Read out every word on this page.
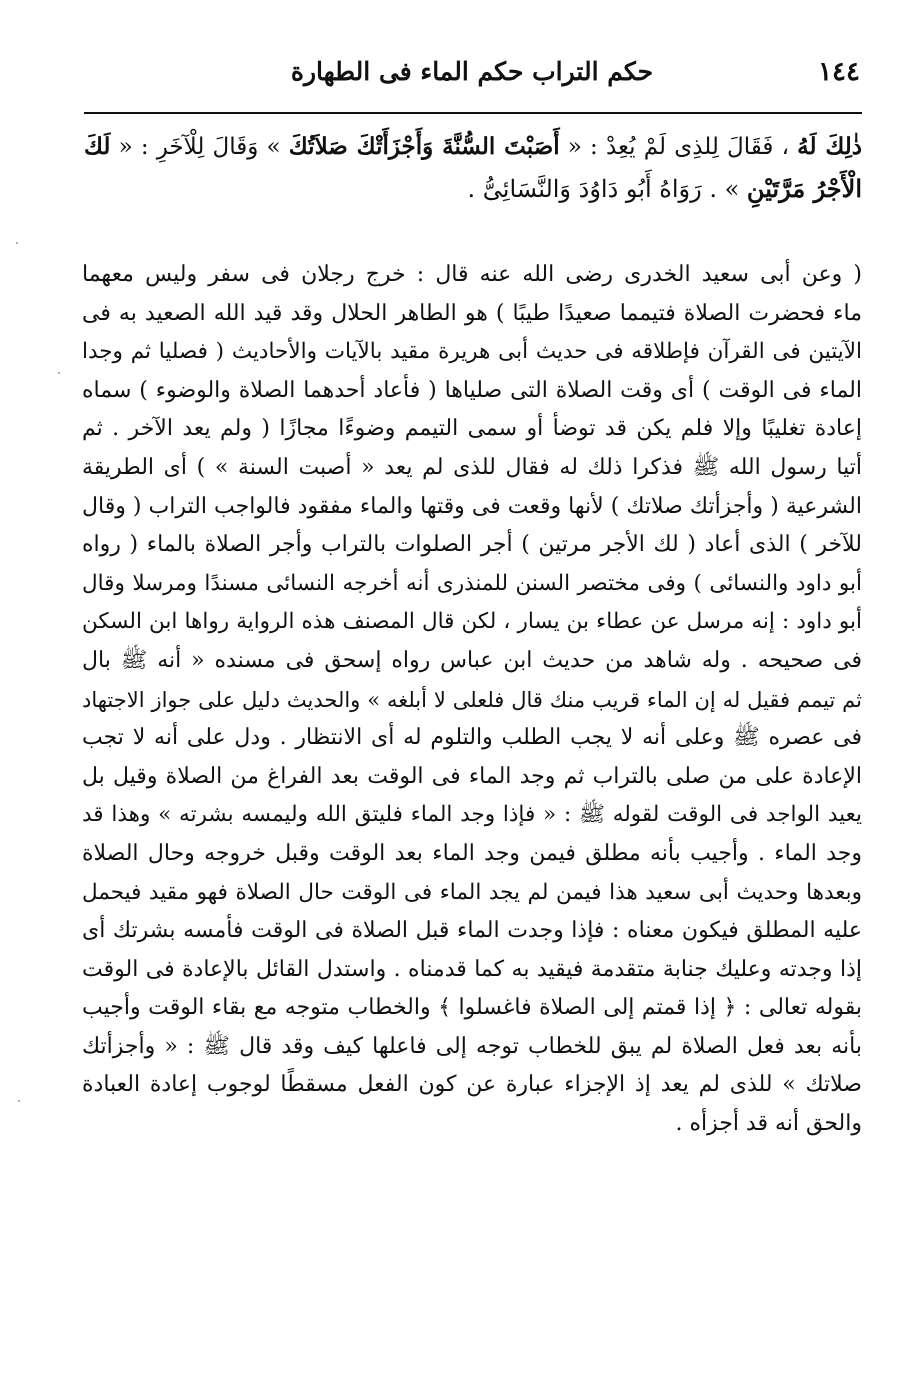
١٤٤
حكم التراب حكم الماء فى الطهارة
ذٰلِكَ لَهُ ، فَقَالَ لِلذِى لَمْ يُعِدْ : « أَصَبْتَ السُّنَّةَ وَأَجْزَأَتْكَ صَلاَتُكَ » وَقَالَ لِلْآخَرِ : « لَكَ
الْأَجْرُ مَرَّتَيْنِ » . رَوَاهُ أَبُو دَاوُدَ وَالنَّسَائِىُّ .
( وعن أبى سعيد الخدرى رضى الله عنه قال : خرج رجلان فى سفر وليس معهما
ماء فحضرت الصلاة فتيمما صعيدًا طيبًا ) هو الطاهر الحلال وقد قيد الله الصعيد به فى
الآيتين فى القرآن فإطلاقه فى حديث أبى هريرة مقيد بالآيات والأحاديث ( فصليا ثم وجدا
الماء فى الوقت ) أى وقت الصلاة التى صلياها ( فأعاد أحدهما الصلاة والوضوء ) سماه
إعادة تغليبًا وإلا فلم يكن قد توضأ أو سمى التيمم وضوءًا مجازًا ( ولم يعد الآخر . ثم
أتيا رسول الله ﷺ فذكرا ذلك له فقال للذى لم يعد « أصبت السنة » ) أى الطريقة
الشرعية ( وأجزأتك صلاتك ) لأنها وقعت فى وقتها والماء مفقود فالواجب التراب ( وقال
للآخر ) الذى أعاد ( لك الأجر مرتين ) أجر الصلوات بالتراب وأجر الصلاة بالماء ( رواه
أبو داود والنسائى ) وفى مختصر السنن للمنذرى أنه أخرجه النسائى مسندًا ومرسلا وقال
أبو داود : إنه مرسل عن عطاء بن يسار ، لكن قال المصنف هذه الرواية رواها ابن السكن
فى صحيحه . وله شاهد من حديث ابن عباس رواه إسحق فى مسنده « أنه ﷺ بال
ثم تيمم فقيل له إن الماء قريب منك قال فلعلى لا أبلغه » والحديث دليل على جواز الاجتهاد
فى عصره ﷺ وعلى أنه لا يجب الطلب والتلوم له أى الانتظار . ودل على أنه لا تجب
الإعادة على من صلى بالتراب ثم وجد الماء فى الوقت بعد الفراغ من الصلاة وقيل بل
يعيد الواجد فى الوقت لقوله ﷺ : « فإذا وجد الماء فليتق الله وليمسه بشرته » وهذا قد
وجد الماء . وأجيب بأنه مطلق فيمن وجد الماء بعد الوقت وقبل خروجه وحال الصلاة
وبعدها وحديث أبى سعيد هذا فيمن لم يجد الماء فى الوقت حال الصلاة فهو مقيد فيحمل
عليه المطلق فيكون معناه : فإذا وجدت الماء قبل الصلاة فى الوقت فأمسه بشرتك أى
إذا وجدته وعليك جنابة متقدمة فيقيد به كما قدمناه . واستدل القائل بالإعادة فى الوقت
بقوله تعالى : ﴿ إذا قمتم إلى الصلاة فاغسلوا ﴾ والخطاب متوجه مع بقاء الوقت وأجيب
بأنه بعد فعل الصلاة لم يبق للخطاب توجه إلى فاعلها كيف وقد قال ﷺ : « وأجزأتك
صلاتك » للذى لم يعد إذ الإجزاء عبارة عن كون الفعل مسقطًا لوجوب إعادة العبادة
والحق أنه قد أجزأه .
